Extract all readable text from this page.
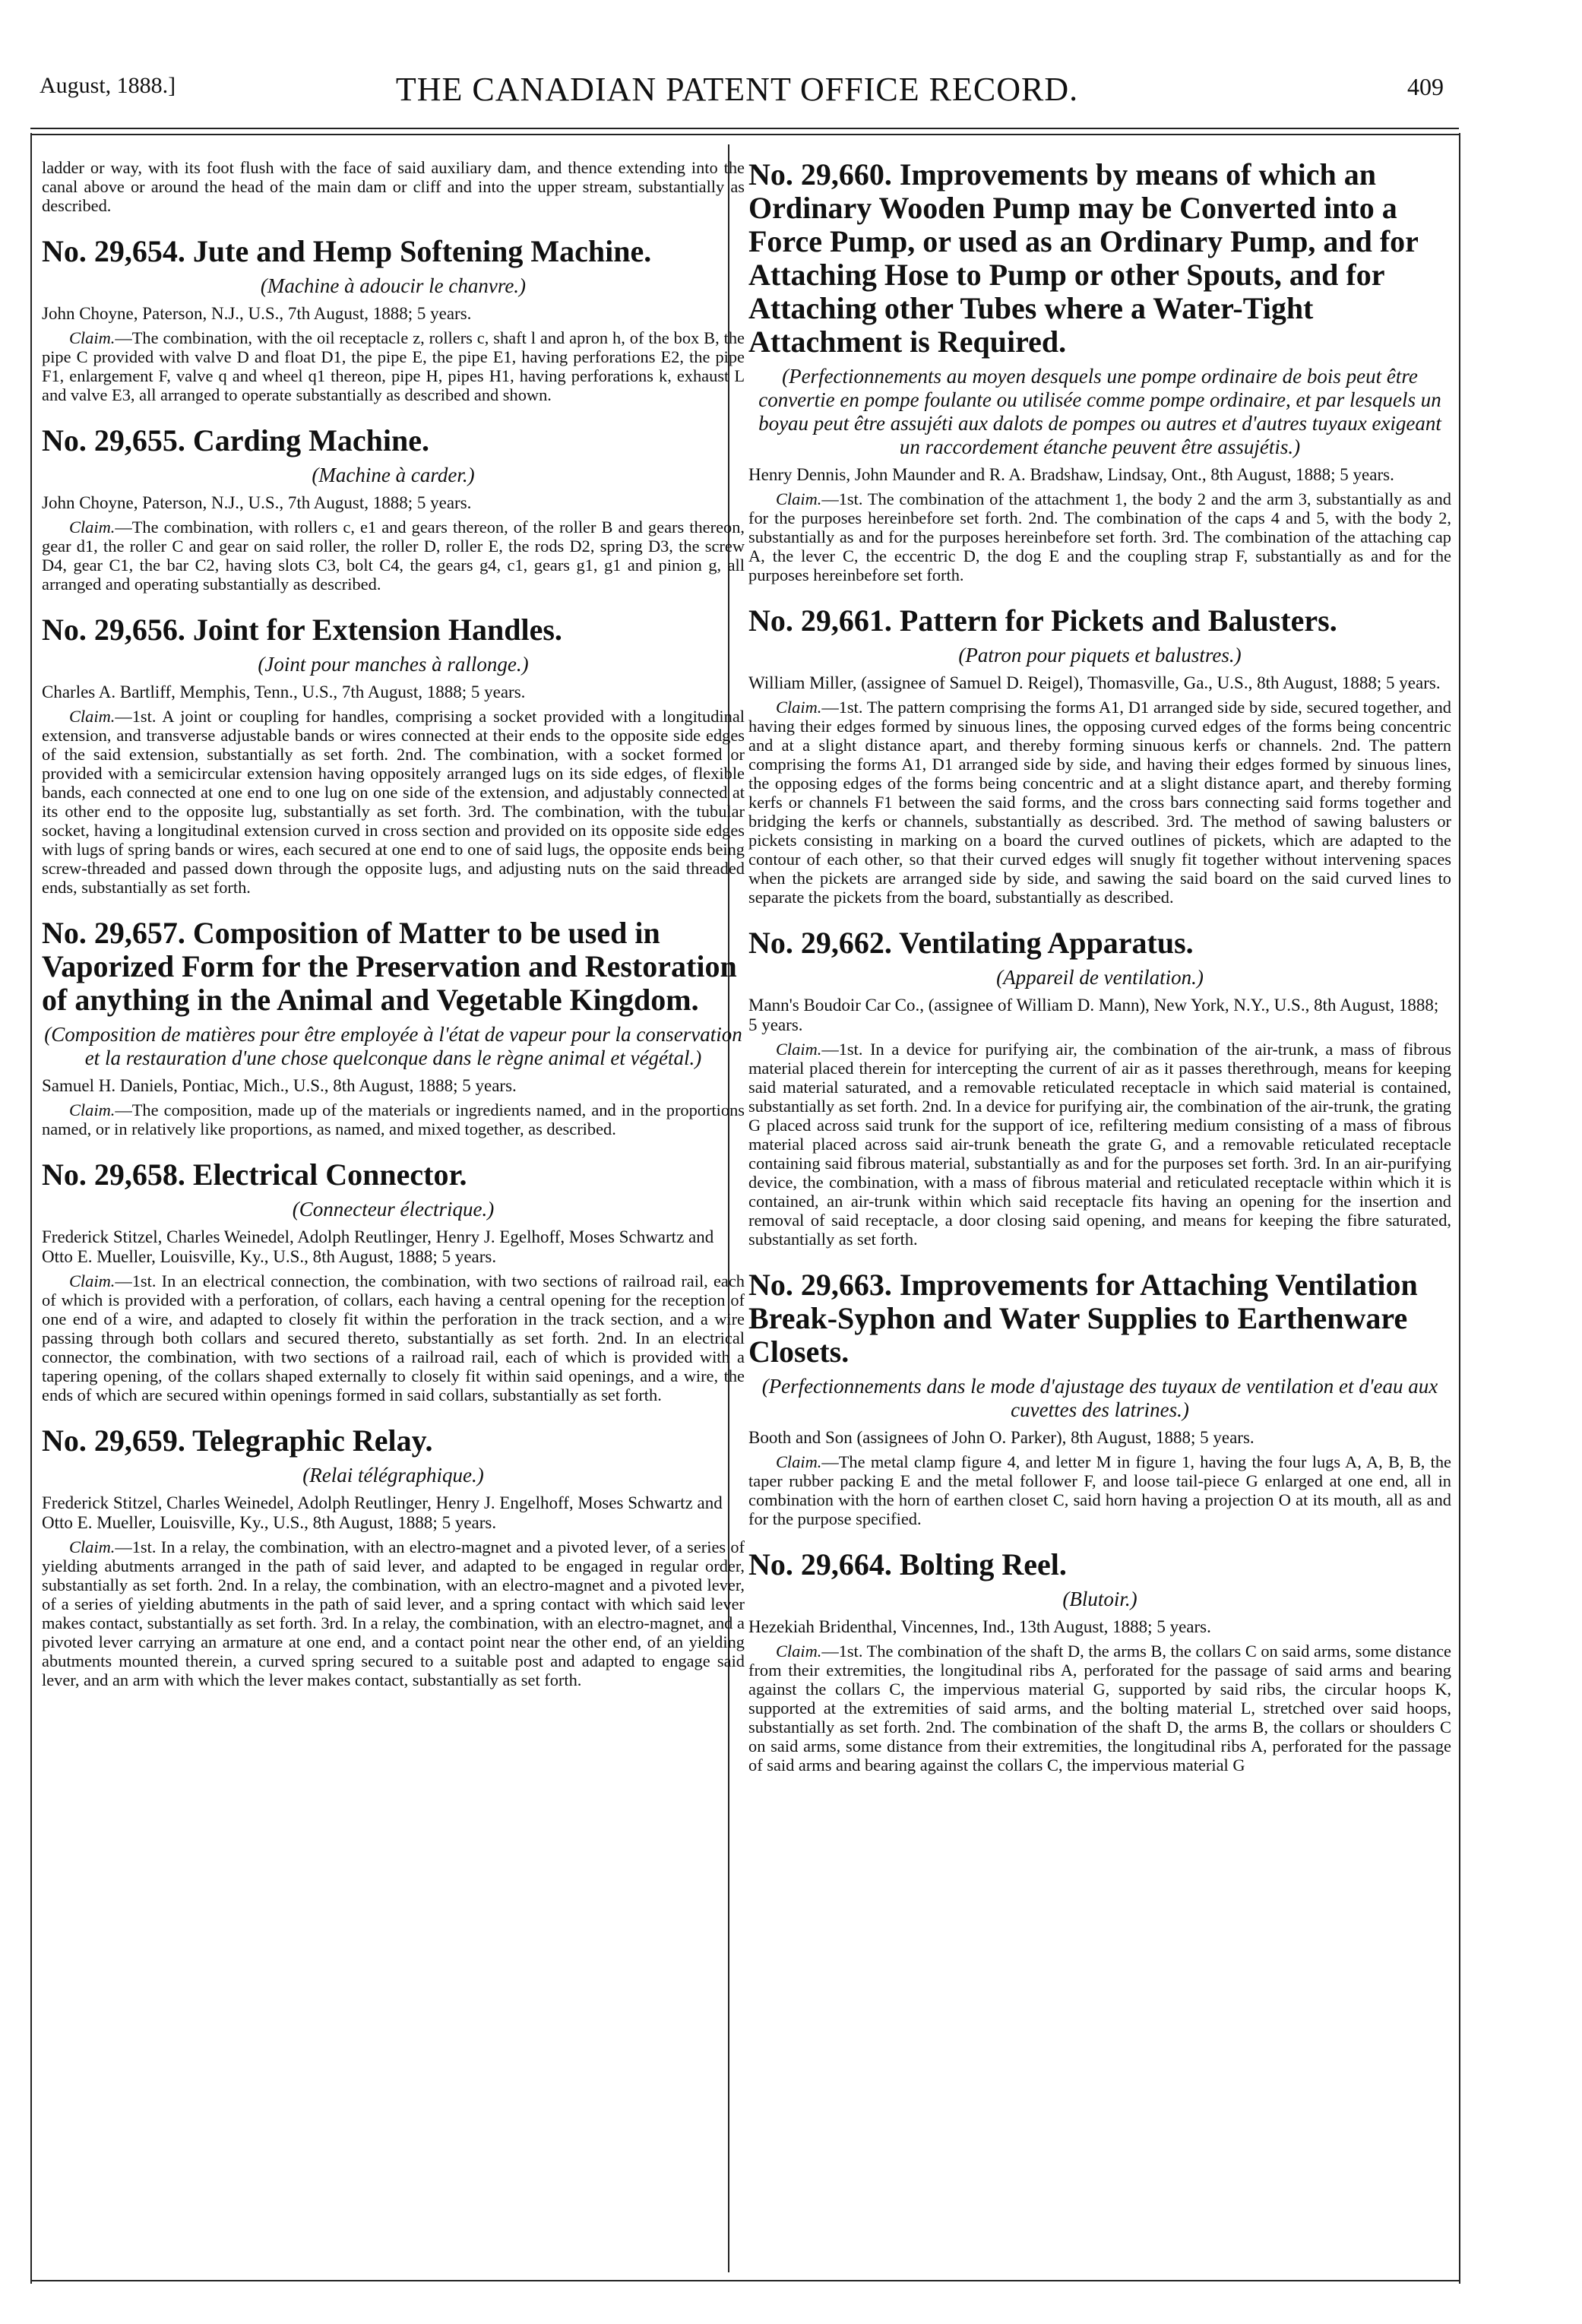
August, 1888.]	THE CANADIAN PATENT OFFICE RECORD.	409

ladder or way, with its foot flush with the face of said auxiliary dam, and thence extending into the canal above or around the head of the main dam or cliff and into the upper stream, substantially as described.

No. 29,654. Jute and Hemp Softening Machine.
(Machine à adoucir le chanvre.)

John Choyne, Paterson, N.J., U.S., 7th August, 1888; 5 years.

Claim.—The combination, with the oil receptacle z, rollers c, shaft l and apron h, of the box B, the pipe C provided with valve D and float D1, the pipe E, the pipe E1, having perforations E2, the pipe F1, enlargement F, valve q and wheel q1 thereon, pipe H, pipes H1, having perforations k, exhaust L and valve E3, all arranged to operate substantially as described and shown.

No. 29,655. Carding Machine.
(Machine à carder.)

John Choyne, Paterson, N.J., U.S., 7th August, 1888; 5 years.

Claim.—The combination, with rollers c, e1 and gears thereon, of the roller B and gears thereon, gear d1, the roller C and gear on said roller, the roller D, roller E, the rods D2, spring D3, the screw D4, gear C1, the bar C2, having slots C3, bolt C4, the gears g4, c1, gears g1, g1 and pinion g, all arranged and operating substantially as described.

No. 29,656. Joint for Extension Handles.
(Joint pour manches à rallonge.)

Charles A. Bartliff, Memphis, Tenn., U.S., 7th August, 1888; 5 years.

Claim.—1st. A joint or coupling for handles, comprising a socket provided with a longitudinal extension, and transverse adjustable bands or wires connected at their ends to the opposite side edges of the said extension, substantially as set forth. 2nd. The combination, with a socket formed or provided with a semicircular extension having oppositely arranged lugs on its side edges, of flexible bands, each connected at one end to one lug on one side of the extension, and adjustably connected at its other end to the opposite lug, substantially as set forth. 3rd. The combination, with the tubular socket, having a longitudinal extension curved in cross section and provided on its opposite side edges with lugs of spring bands or wires, each secured at one end to one of said lugs, the opposite ends being screw-threaded and passed down through the opposite lugs, and adjusting nuts on the said threaded ends, substantially as set forth.

No. 29,657. Composition of Matter to be used in Vaporized Form for the Preservation and Restoration of anything in the Animal and Vegetable Kingdom.
(Composition de matières pour être employée à l'état de vapeur pour la conservation et la restauration d'une chose quelconque dans le règne animal et végétal.)

Samuel H. Daniels, Pontiac, Mich., U.S., 8th August, 1888; 5 years.

Claim.—The composition, made up of the materials or ingredients named, and in the proportions named, or in relatively like proportions, as named, and mixed together, as described.

No. 29,658. Electrical Connector.
(Connecteur électrique.)

Frederick Stitzel, Charles Weinedel, Adolph Reutlinger, Henry J. Egelhoff, Moses Schwartz and Otto E. Mueller, Louisville, Ky., U.S., 8th August, 1888; 5 years.

Claim.—1st. In an electrical connection, the combination, with two sections of railroad rail, each of which is provided with a perforation, of collars, each having a central opening for the reception of one end of a wire, and adapted to closely fit within the perforation in the track section, and a wire passing through both collars and secured thereto, substantially as set forth. 2nd. In an electrical connector, the combination, with two sections of a railroad rail, each of which is provided with a tapering opening, of the collars shaped externally to closely fit within said openings, and a wire, the ends of which are secured within openings formed in said collars, substantially as set forth.

No. 29,659. Telegraphic Relay.
(Relai télégraphique.)

Frederick Stitzel, Charles Weinedel, Adolph Reutlinger, Henry J. Engelhoff, Moses Schwartz and Otto E. Mueller, Louisville, Ky., U.S., 8th August, 1888; 5 years.

Claim.—1st. In a relay, the combination, with an electro-magnet and a pivoted lever, of a series of yielding abutments arranged in the path of said lever, and adapted to be engaged in regular order, substantially as set forth. 2nd. In a relay, the combination, with an electro-magnet and a pivoted lever, of a series of yielding abutments in the path of said lever, and a spring contact with which said lever makes contact, substantially as set forth. 3rd. In a relay, the combination, with an electro-magnet, and a pivoted lever carrying an armature at one end, and a contact point near the other end, of an yielding abutments mounted therein, a curved spring secured to a suitable post and adapted to engage said lever, and an arm with which the lever makes contact, substantially as set forth.

No. 29,660. Improvements by means of which an Ordinary Wooden Pump may be Converted into a Force Pump, or used as an Ordinary Pump, and for Attaching Hose to Pump or other Spouts, and for Attaching other Tubes where a Water-Tight Attachment is Required.
(Perfectionnements au moyen desquels une pompe ordinaire de bois peut être convertie en pompe foulante ou utilisée comme pompe ordinaire, et par lesquels un boyau peut être assujéti aux dalots de pompes ou autres et d'autres tuyaux exigeant un raccordement étanche peuvent être assujétis.)

Henry Dennis, John Maunder and R. A. Bradshaw, Lindsay, Ont., 8th August, 1888; 5 years.

Claim.—1st. The combination of the attachment 1, the body 2 and the arm 3, substantially as and for the purposes hereinbefore set forth. 2nd. The combination of the caps 4 and 5, with the body 2, substantially as and for the purposes hereinbefore set forth. 3rd. The combination of the attaching cap A, the lever C, the eccentric D, the dog E and the coupling strap F, substantially as and for the purposes hereinbefore set forth.

No. 29,661. Pattern for Pickets and Balusters.
(Patron pour piquets et balustres.)

William Miller, (assignee of Samuel D. Reigel), Thomasville, Ga., U.S., 8th August, 1888; 5 years.

Claim.—1st. The pattern comprising the forms A1, D1 arranged side by side, secured together, and having their edges formed by sinuous lines, the opposing curved edges of the forms being concentric and at a slight distance apart, and thereby forming sinuous kerfs or channels. 2nd. The pattern comprising the forms A1, D1 arranged side by side, and having their edges formed by sinuous lines, the opposing edges of the forms being concentric and at a slight distance apart, and thereby forming kerfs or channels F1 between the said forms, and the cross bars connecting said forms together and bridging the kerfs or channels, substantially as described. 3rd. The method of sawing balusters or pickets consisting in marking on a board the curved outlines of pickets, which are adapted to the contour of each other, so that their curved edges will snugly fit together without intervening spaces when the pickets are arranged side by side, and sawing the said board on the said curved lines to separate the pickets from the board, substantially as described.

No. 29,662. Ventilating Apparatus.
(Appareil de ventilation.)

Mann's Boudoir Car Co., (assignee of William D. Mann), New York, N.Y., U.S., 8th August, 1888; 5 years.

Claim.—1st. In a device for purifying air, the combination of the air-trunk, a mass of fibrous material placed therein for intercepting the current of air as it passes therethrough, means for keeping said material saturated, and a removable reticulated receptacle in which said material is contained, substantially as set forth. 2nd. In a device for purifying air, the combination of the air-trunk, the grating G placed across said trunk for the support of ice, refiltering medium consisting of a mass of fibrous material placed across said air-trunk beneath the grate G, and a removable reticulated receptacle containing said fibrous material, substantially as and for the purposes set forth. 3rd. In an air-purifying device, the combination, with a mass of fibrous material and reticulated receptacle within which it is contained, an air-trunk within which said receptacle fits having an opening for the insertion and removal of said receptacle, a door closing said opening, and means for keeping the fibre saturated, substantially as set forth.

No. 29,663. Improvements for Attaching Ventilation Break-Syphon and Water Supplies to Earthenware Closets.
(Perfectionnements dans le mode d'ajustage des tuyaux de ventilation et d'eau aux cuvettes des latrines.)

Booth and Son (assignees of John O. Parker), 8th August, 1888; 5 years.

Claim.—The metal clamp figure 4, and letter M in figure 1, having the four lugs A, A, B, B, the taper rubber packing E and the metal follower F, and loose tail-piece G enlarged at one end, all in combination with the horn of earthen closet C, said horn having a projection O at its mouth, all as and for the purpose specified.

No. 29,664. Bolting Reel.
(Blutoir.)

Hezekiah Bridenthal, Vincennes, Ind., 13th August, 1888; 5 years.

Claim.—1st. The combination of the shaft D, the arms B, the collars C on said arms, some distance from their extremities, the longitudinal ribs A, perforated for the passage of said arms and bearing against the collars C, the impervious material G, supported by said ribs, the circular hoops K, supported at the extremities of said arms, and the bolting material L, stretched over said hoops, substantially as set forth. 2nd. The combination of the shaft D, the arms B, the collars or shoulders C on said arms, some distance from their extremities, the longitudinal ribs A, perforated for the passage of said arms and bearing against the collars C, the impervious material G
